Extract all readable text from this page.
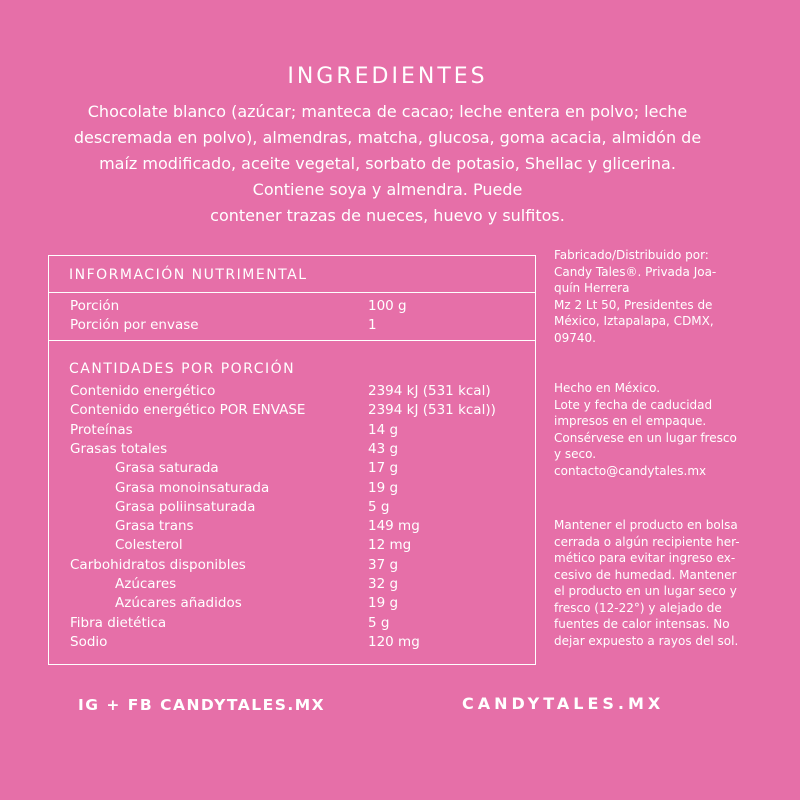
INGREDIENTES
Chocolate blanco (azúcar; manteca de cacao; leche entera en polvo; leche
descremada en polvo), almendras, matcha, glucosa, goma acacia, almidón de
maíz modificado, aceite vegetal, sorbato de potasio, Shellac y glicerina.
Contiene soya y almendra. Puede
contener trazas de nueces, huevo y sulfitos.
INFORMACIÓN NUTRIMENTAL
Porción	100 g
Porción por envase	1
CANTIDADES POR PORCIÓN
Contenido energético	2394 kJ (531 kcal)
Contenido energético POR ENVASE	2394 kJ (531 kcal))
Proteínas	14 g
Grasas totales	43 g
Grasa saturada	17 g
Grasa monoinsaturada	19 g
Grasa poliinsaturada	5 g
Grasa trans	149 mg
Colesterol	12 mg
Carbohidratos disponibles	37 g
Azúcares	32 g
Azúcares añadidos	19 g
Fibra dietética	5 g
Sodio	120 mg
Fabricado/Distribuido por:
Candy Tales®. Privada Joa-
quín Herrera
Mz 2 Lt 50, Presidentes de
México, Iztapalapa, CDMX,
09740.
Hecho en México.
Lote y fecha de caducidad
impresos en el empaque.
Consérvese en un lugar fresco
y seco.
contacto@candytales.mx
Mantener el producto en bolsa
cerrada o algún recipiente her-
mético para evitar ingreso ex-
cesivo de humedad. Mantener
el producto en un lugar seco y
fresco (12-22°) y alejado de
fuentes de calor intensas. No
dejar expuesto a rayos del sol.
IG + FB CANDYTALES.MX	CANDYTALES.MX
